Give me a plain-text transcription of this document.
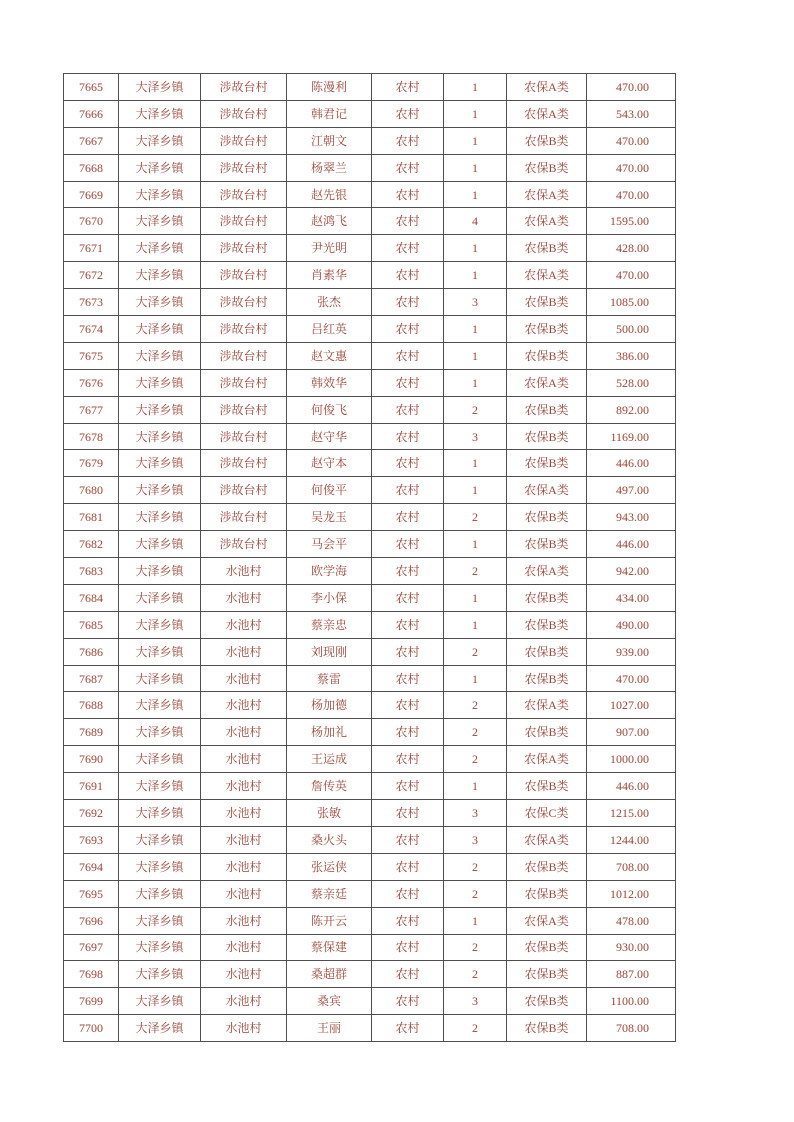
7665	大泽乡镇	涉故台村	陈漫利	农村	1	农保A类	470.00
7666	大泽乡镇	涉故台村	韩君记	农村	1	农保A类	543.00
7667	大泽乡镇	涉故台村	江朝文	农村	1	农保B类	470.00
7668	大泽乡镇	涉故台村	杨翠兰	农村	1	农保B类	470.00
7669	大泽乡镇	涉故台村	赵先银	农村	1	农保A类	470.00
7670	大泽乡镇	涉故台村	赵鸿飞	农村	4	农保A类	1595.00
7671	大泽乡镇	涉故台村	尹光明	农村	1	农保B类	428.00
7672	大泽乡镇	涉故台村	肖素华	农村	1	农保A类	470.00
7673	大泽乡镇	涉故台村	张杰	农村	3	农保B类	1085.00
7674	大泽乡镇	涉故台村	吕红英	农村	1	农保B类	500.00
7675	大泽乡镇	涉故台村	赵文惠	农村	1	农保B类	386.00
7676	大泽乡镇	涉故台村	韩效华	农村	1	农保A类	528.00
7677	大泽乡镇	涉故台村	何俊飞	农村	2	农保B类	892.00
7678	大泽乡镇	涉故台村	赵守华	农村	3	农保B类	1169.00
7679	大泽乡镇	涉故台村	赵守本	农村	1	农保B类	446.00
7680	大泽乡镇	涉故台村	何俊平	农村	1	农保A类	497.00
7681	大泽乡镇	涉故台村	吴龙玉	农村	2	农保B类	943.00
7682	大泽乡镇	涉故台村	马会平	农村	1	农保B类	446.00
7683	大泽乡镇	水池村	欧学海	农村	2	农保A类	942.00
7684	大泽乡镇	水池村	李小保	农村	1	农保B类	434.00
7685	大泽乡镇	水池村	蔡亲忠	农村	1	农保B类	490.00
7686	大泽乡镇	水池村	刘现刚	农村	2	农保B类	939.00
7687	大泽乡镇	水池村	蔡雷	农村	1	农保B类	470.00
7688	大泽乡镇	水池村	杨加德	农村	2	农保A类	1027.00
7689	大泽乡镇	水池村	杨加礼	农村	2	农保B类	907.00
7690	大泽乡镇	水池村	王运成	农村	2	农保A类	1000.00
7691	大泽乡镇	水池村	詹传英	农村	1	农保B类	446.00
7692	大泽乡镇	水池村	张敏	农村	3	农保C类	1215.00
7693	大泽乡镇	水池村	桑火头	农村	3	农保A类	1244.00
7694	大泽乡镇	水池村	张运侠	农村	2	农保B类	708.00
7695	大泽乡镇	水池村	蔡亲廷	农村	2	农保B类	1012.00
7696	大泽乡镇	水池村	陈开云	农村	1	农保A类	478.00
7697	大泽乡镇	水池村	蔡保建	农村	2	农保B类	930.00
7698	大泽乡镇	水池村	桑超群	农村	2	农保B类	887.00
7699	大泽乡镇	水池村	桑宾	农村	3	农保B类	1100.00
7700	大泽乡镇	水池村	王丽	农村	2	农保B类	708.00
